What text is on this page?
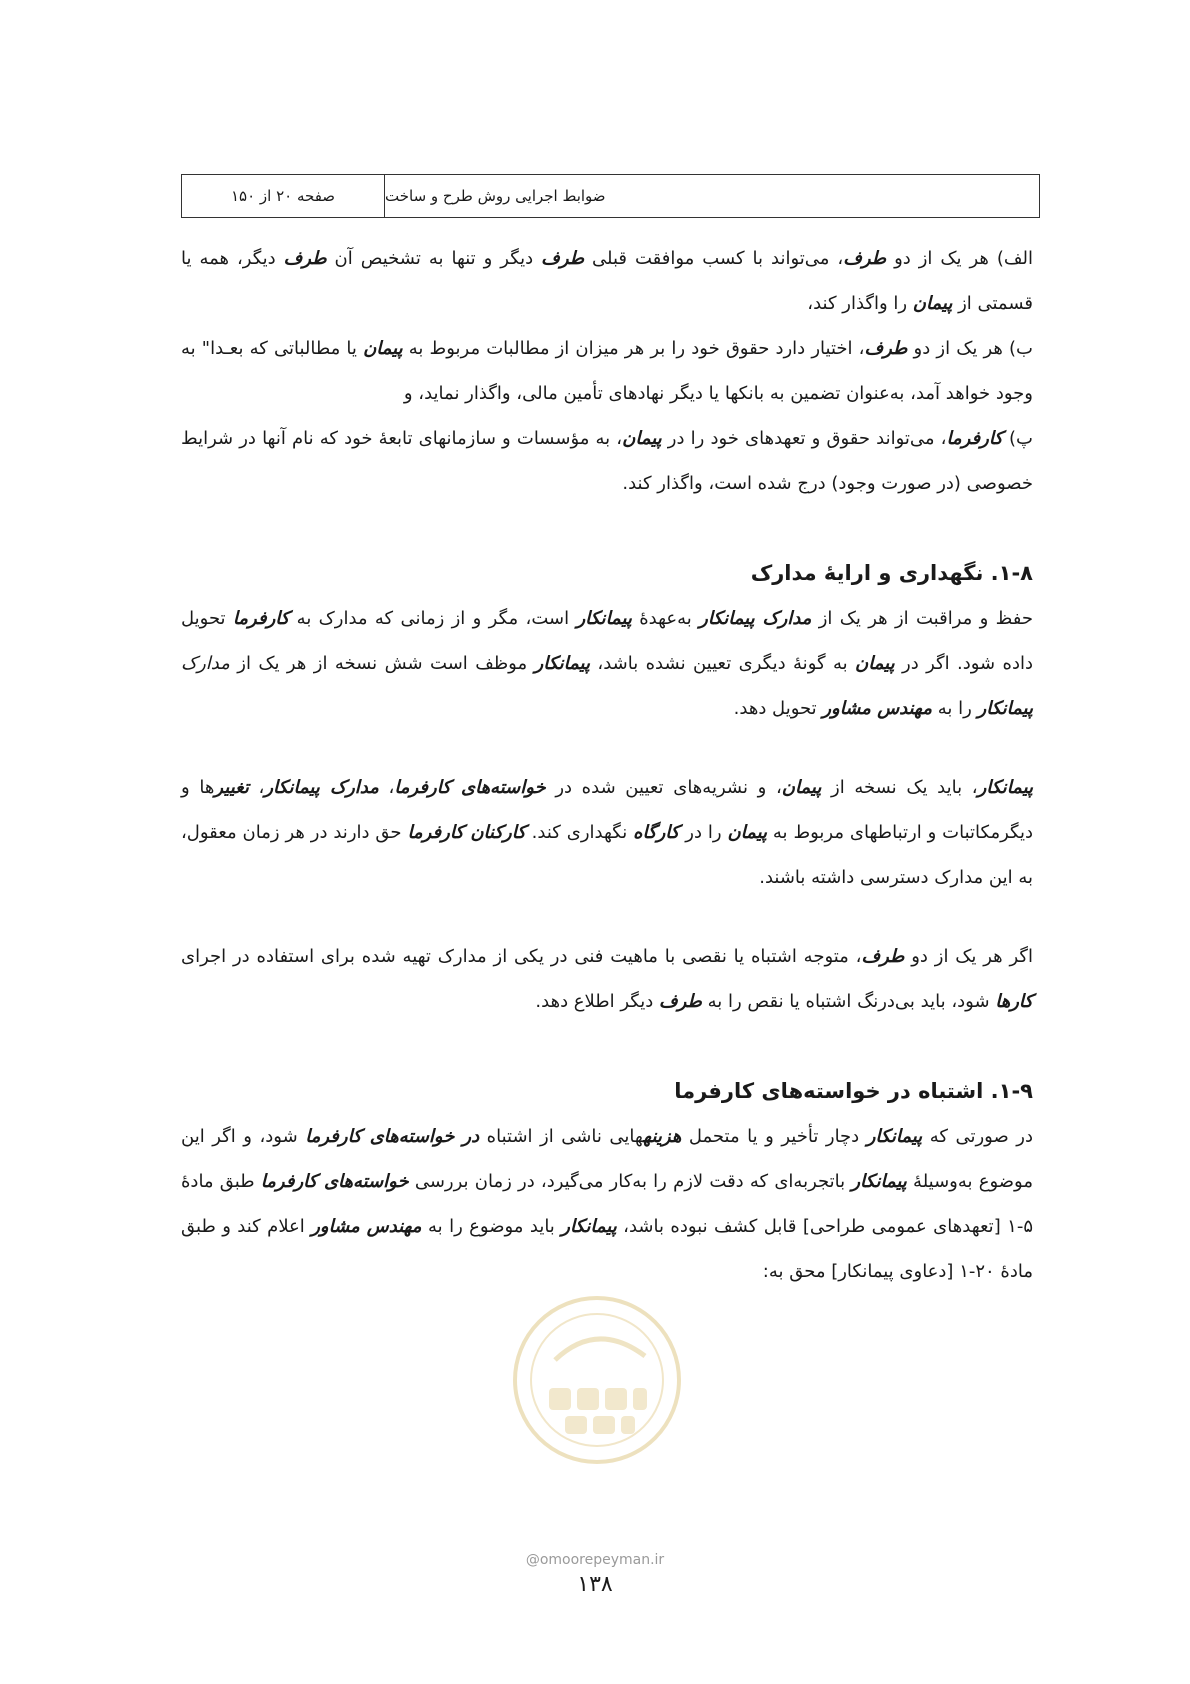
صفحه ۲۰ از ۱۵۰	ضوابط اجرایی روش طرح و ساخت

الف) هر یک از دو طرف، می‌تواند با کسب موافقت قبلی طرف دیگر و تنها به تشخیص آن طرف دیگر، همه یا قسمتی از پیمان را واگذار کند،

ب) هر یک از دو طرف، اختیار دارد حقوق خود را بر هر میزان از مطالبات مربوط به پیمان یا مطالباتی که بعـدا" به وجود خواهد آمد، به‌عنوان تضمین به بانکها یا دیگر نهادهای تأمین مالی، واگذار نماید، و

پ) کارفرما، می‌تواند حقوق و تعهدهای خود را در پیمان، به مؤسسات و سازمانهای تابعهٔ خود که نام آنها در شرایط خصوصی (در صورت وجود) درج شده است، واگذار کند.

۱-۸. نگهداری و ارایهٔ مدارک

حفظ و مراقبت از هر یک از مدارک پیمانکار به‌عهدهٔ پیمانکار است، مگر و از زمانی که مدارک به کارفرما تحویل داده شود. اگر در پیمان به گونهٔ دیگری تعیین نشده باشد، پیمانکار موظف است شش نسخه از هر یک از مدارک پیمانکار را به مهندس مشاور تحویل دهد.

پیمانکار، باید یک نسخه از پیمان، و نشریه‌های تعیین شده در خواسته‌های کارفرما، مدارک پیمانکار، تغییرها و دیگرمکاتبات و ارتباطهای مربوط به پیمان را در کارگاه نگهداری کند. کارکنان کارفرما حق دارند در هر زمان معقول، به این مدارک دسترسی داشته باشند.

اگر هر یک از دو طرف، متوجه اشتباه یا نقصی با ماهیت فنی در یکی از مدارک تهیه شده برای استفاده در اجرای کارها شود، باید بی‌درنگ اشتباه یا نقص را به طرف دیگر اطلاع دهد.

۱-۹. اشتباه در خواسته‌های کارفرما

در صورتی که پیمانکار دچار تأخیر و یا متحمل هزینههایی ناشی از اشتباه در خواسته‌های کارفرما شود، و اگر این موضوع به‌وسیلهٔ پیمانکار باتجربه‌ای که دقت لازم را به‌کار می‌گیرد، در زمان بررسی خواسته‌های کارفرما طبق مادهٔ ۵-۱ [تعهدهای عمومی طراحی] قابل کشف نبوده باشد، پیمانکار باید موضوع را به مهندس مشاور اعلام کند و طبق مادهٔ ۲۰-۱ [دعاوی پیمانکار] محق به:

@omoorepeyman.ir
۱۳۸
